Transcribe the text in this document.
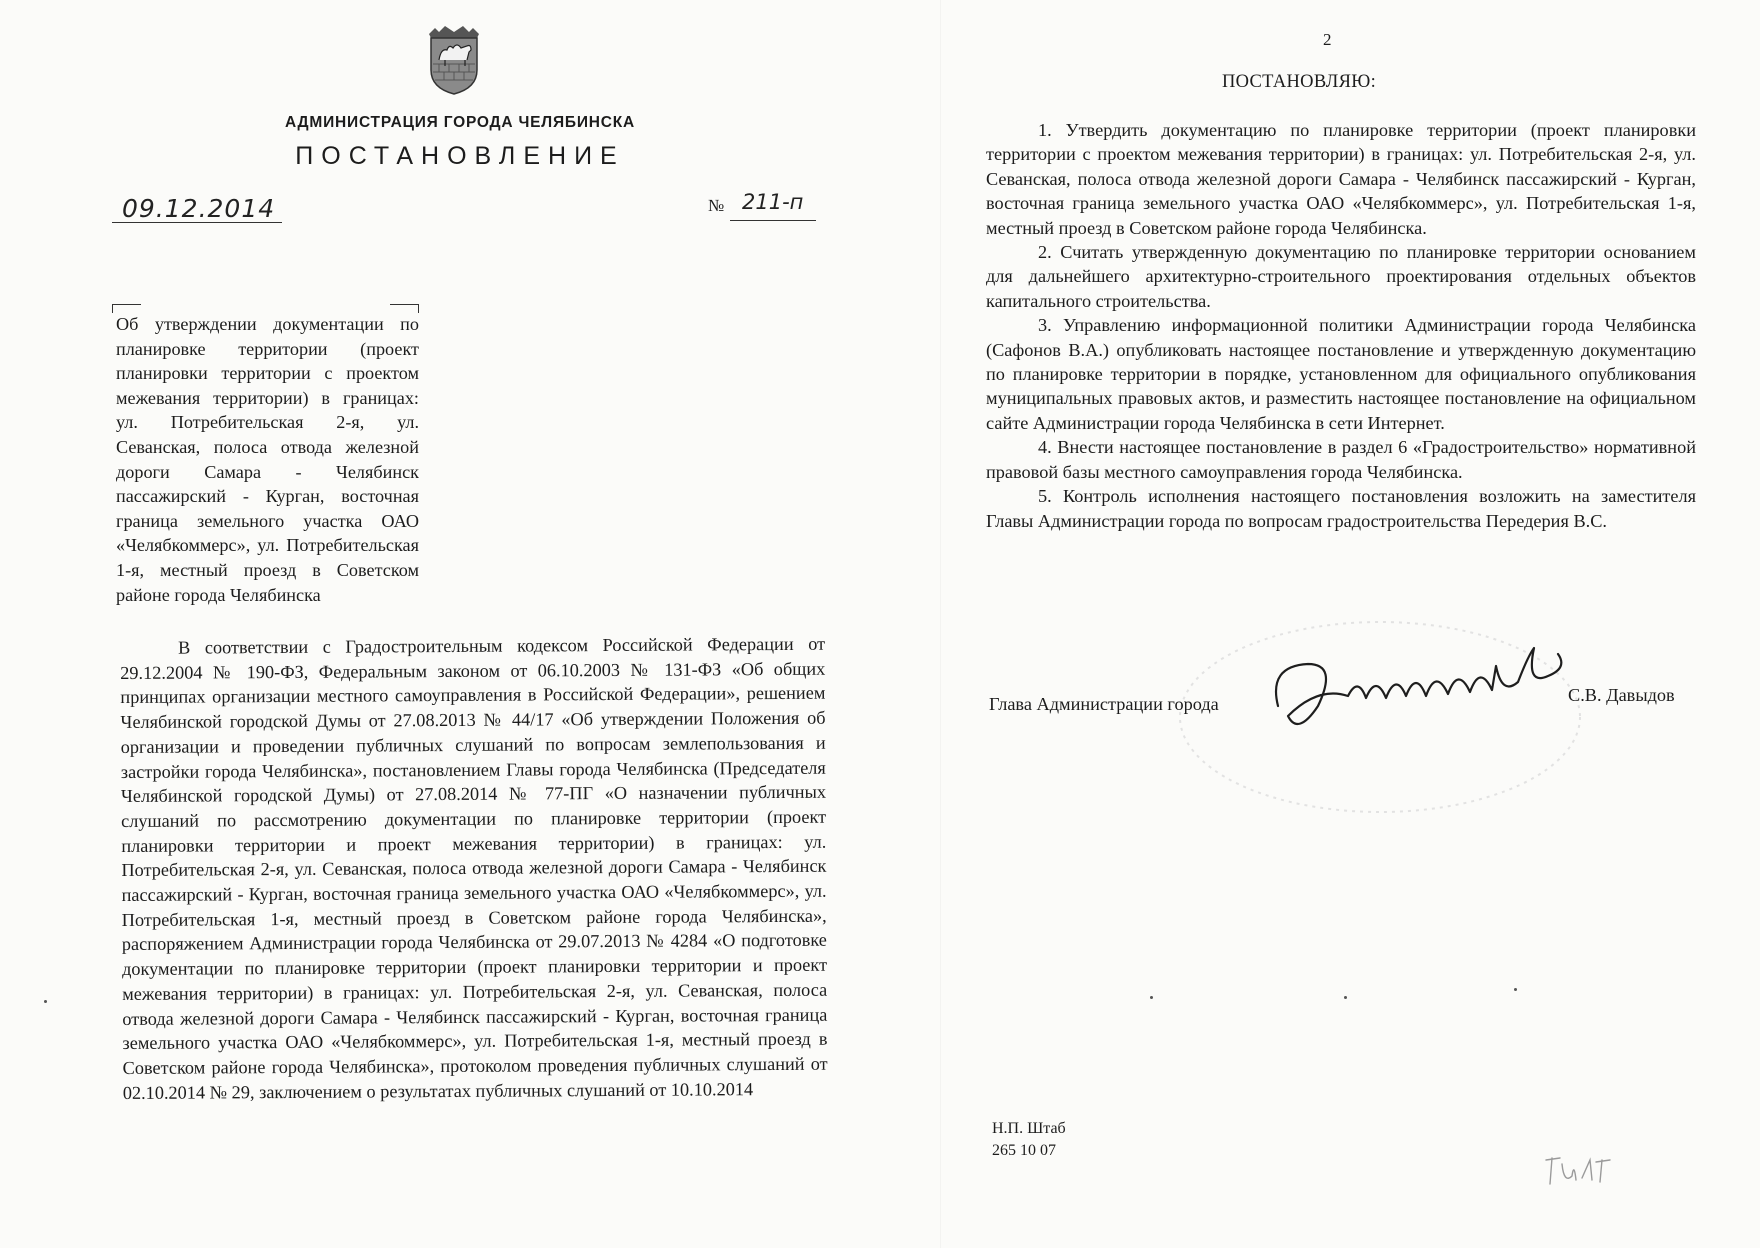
АДМИНИСТРАЦИЯ ГОРОДА ЧЕЛЯБИНСКА
ПОСТАНОВЛЕНИЕ
09.12.2014	№ 211-п
Об утверждении документации по планировке территории (проект планировки территории с проектом межевания территории) в границах: ул. Потребительская 2-я, ул. Севанская, полоса отвода железной дороги Самара - Челябинск пассажирский - Курган, восточная граница земельного участка ОАО «Челябкоммерс», ул. Потребительская 1-я, местный проезд в Советском районе города Челябинска
В соответствии с Градостроительным кодексом Российской Федерации от 29.12.2004 № 190-ФЗ, Федеральным законом от 06.10.2003 № 131-ФЗ «Об общих принципах организации местного самоуправления в Российской Федерации», решением Челябинской городской Думы от 27.08.2013 № 44/17 «Об утверждении Положения об организации и проведении публичных слушаний по вопросам землепользования и застройки города Челябинска», постановлением Главы города Челябинска (Председателя Челябинской городской Думы) от 27.08.2014 № 77-ПГ «О назначении публичных слушаний по рассмотрению документации по планировке территории (проект планировки территории и проект межевания территории) в границах: ул. Потребительская 2-я, ул. Севанская, полоса отвода железной дороги Самара - Челябинск пассажирский - Курган, восточная граница земельного участка ОАО «Челябкоммерс», ул. Потребительская 1-я, местный проезд в Советском районе города Челябинска», распоряжением Администрации города Челябинска от 29.07.2013 № 4284 «О подготовке документации по планировке территории (проект планировки территории и проект межевания территории) в границах: ул. Потребительская 2-я, ул. Севанская, полоса отвода железной дороги Самара - Челябинск пассажирский - Курган, восточная граница земельного участка ОАО «Челябкоммерс», ул. Потребительская 1-я, местный проезд в Советском районе города Челябинска», протоколом проведения публичных слушаний от 02.10.2014 № 29, заключением о результатах публичных слушаний от 10.10.2014
2
ПОСТАНОВЛЯЮ:
1. Утвердить документацию по планировке территории (проект планировки территории с проектом межевания территории) в границах: ул. Потребительская 2-я, ул. Севанская, полоса отвода железной дороги Самара - Челябинск пассажирский - Курган, восточная граница земельного участка ОАО «Челябкоммерс», ул. Потребительская 1-я, местный проезд в Советском районе города Челябинска.
2. Считать утвержденную документацию по планировке территории основанием для дальнейшего архитектурно-строительного проектирования отдельных объектов капитального строительства.
3. Управлению информационной политики Администрации города Челябинска (Сафонов В.А.) опубликовать настоящее постановление и утвержденную документацию по планировке территории в порядке, установленном для официального опубликования муниципальных правовых актов, и разместить настоящее постановление на официальном сайте Администрации города Челябинска в сети Интернет.
4. Внести настоящее постановление в раздел 6 «Градостроительство» нормативной правовой базы местного самоуправления города Челябинска.
5. Контроль исполнения настоящего постановления возложить на заместителя Главы Администрации города по вопросам градостроительства Передерия В.С.
Глава Администрации города	С.В. Давыдов
Н.П. Штаб
265 10 07
